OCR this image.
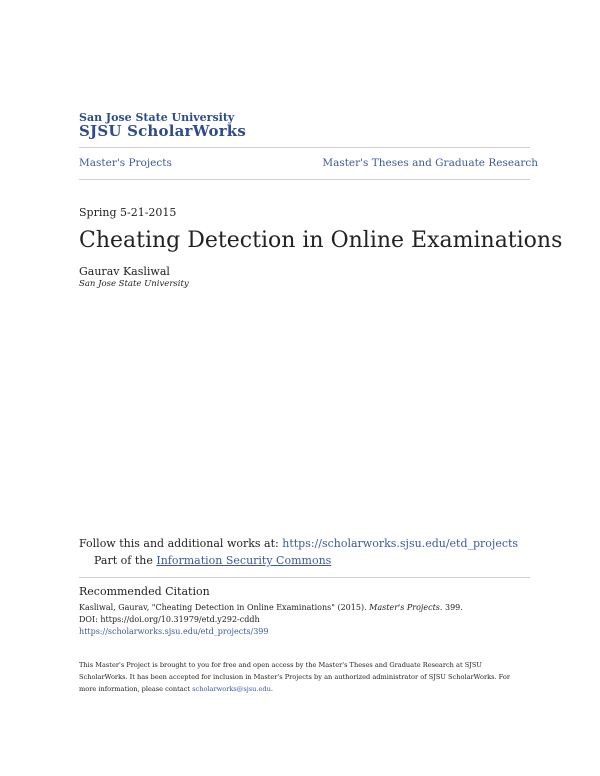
San Jose State University
SJSU ScholarWorks
Master's Projects	Master's Theses and Graduate Research
Spring 5-21-2015
Cheating Detection in Online Examinations
Gaurav Kasliwal
San Jose State University
Follow this and additional works at: https://scholarworks.sjsu.edu/etd_projects
Part of the Information Security Commons
Recommended Citation
Kasliwal, Gaurav, "Cheating Detection in Online Examinations" (2015). Master's Projects. 399.
DOI: https://doi.org/10.31979/etd.y292-cddh
https://scholarworks.sjsu.edu/etd_projects/399
This Master's Project is brought to you for free and open access by the Master's Theses and Graduate Research at SJSU ScholarWorks. It has been accepted for inclusion in Master's Projects by an authorized administrator of SJSU ScholarWorks. For more information, please contact scholarworks@sjsu.edu.
